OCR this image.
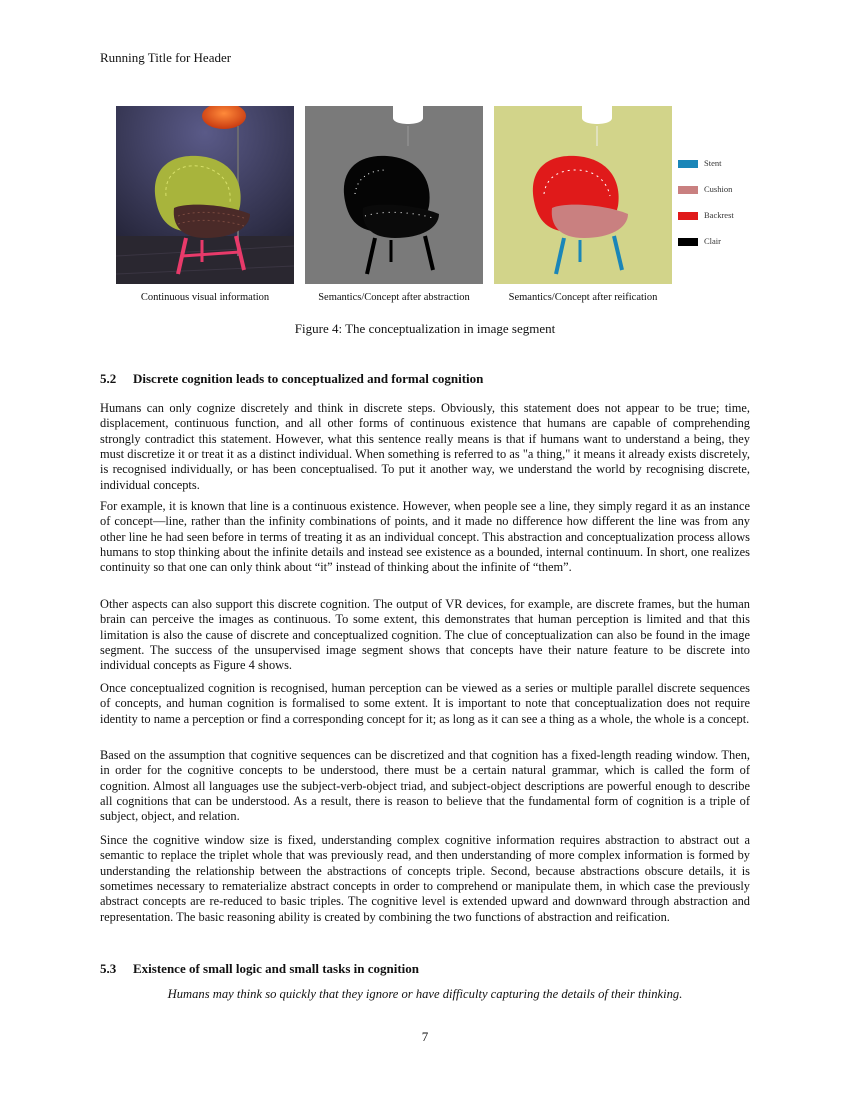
Running Title for Header
Continuous visual information	Semantics/Concept after abstraction	Semantics/Concept after reification
Stent
Cushion
Backrest
Clair
Figure 4: The conceptualization in image segment
5.2 Discrete cognition leads to conceptualized and formal cognition

Humans can only cognize discretely and think in discrete steps. Obviously, this statement does not appear to be true; time, displacement, continuous function, and all other forms of continuous existence that humans are capable of comprehending strongly contradict this statement. However, what this sentence really means is that if humans want to understand a being, they must discretize it or treat it as a distinct individual. When something is referred to as "a thing," it means it already exists discretely, is recognised individually, or has been conceptualised. To put it another way, we understand the world by recognising discrete, individual concepts.

For example, it is known that line is a continuous existence. However, when people see a line, they simply regard it as an instance of concept—line, rather than the infinity combinations of points, and it made no difference how different the line was from any other line he had seen before in terms of treating it as an individual concept. This abstraction and conceptualization process allows humans to stop thinking about the infinite details and instead see existence as a bounded, internal continuum. In short, one realizes continuity so that one can only think about “it” instead of thinking about the infinite of “them”.

Other aspects can also support this discrete cognition. The output of VR devices, for example, are discrete frames, but the human brain can perceive the images as continuous. To some extent, this demonstrates that human perception is limited and that this limitation is also the cause of discrete and conceptualized cognition. The clue of conceptualization can also be found in the image segment. The success of the unsupervised image segment shows that concepts have their nature feature to be discrete into individual concepts as Figure 4 shows.

Once conceptualized cognition is recognised, human perception can be viewed as a series or multiple parallel discrete sequences of concepts, and human cognition is formalised to some extent. It is important to note that conceptualization does not require identity to name a perception or find a corresponding concept for it; as long as it can see a thing as a whole, the whole is a concept.

Based on the assumption that cognitive sequences can be discretized and that cognition has a fixed-length reading window. Then, in order for the cognitive concepts to be understood, there must be a certain natural grammar, which is called the form of cognition. Almost all languages use the subject-verb-object triad, and subject-object descriptions are powerful enough to describe all cognitions that can be understood. As a result, there is reason to believe that the fundamental form of cognition is a triple of subject, object, and relation.

Since the cognitive window size is fixed, understanding complex cognitive information requires abstraction to abstract out a semantic to replace the triplet whole that was previously read, and then understanding of more complex information is formed by understanding the relationship between the abstractions of concepts triple. Second, because abstractions obscure details, it is sometimes necessary to rematerialize abstract concepts in order to comprehend or manipulate them, in which case the previously abstract concepts are re-reduced to basic triples. The cognitive level is extended upward and downward through abstraction and representation. The basic reasoning ability is created by combining the two functions of abstraction and reification.

5.3 Existence of small logic and small tasks in cognition
Humans may think so quickly that they ignore or have difficulty capturing the details of their thinking.
7
